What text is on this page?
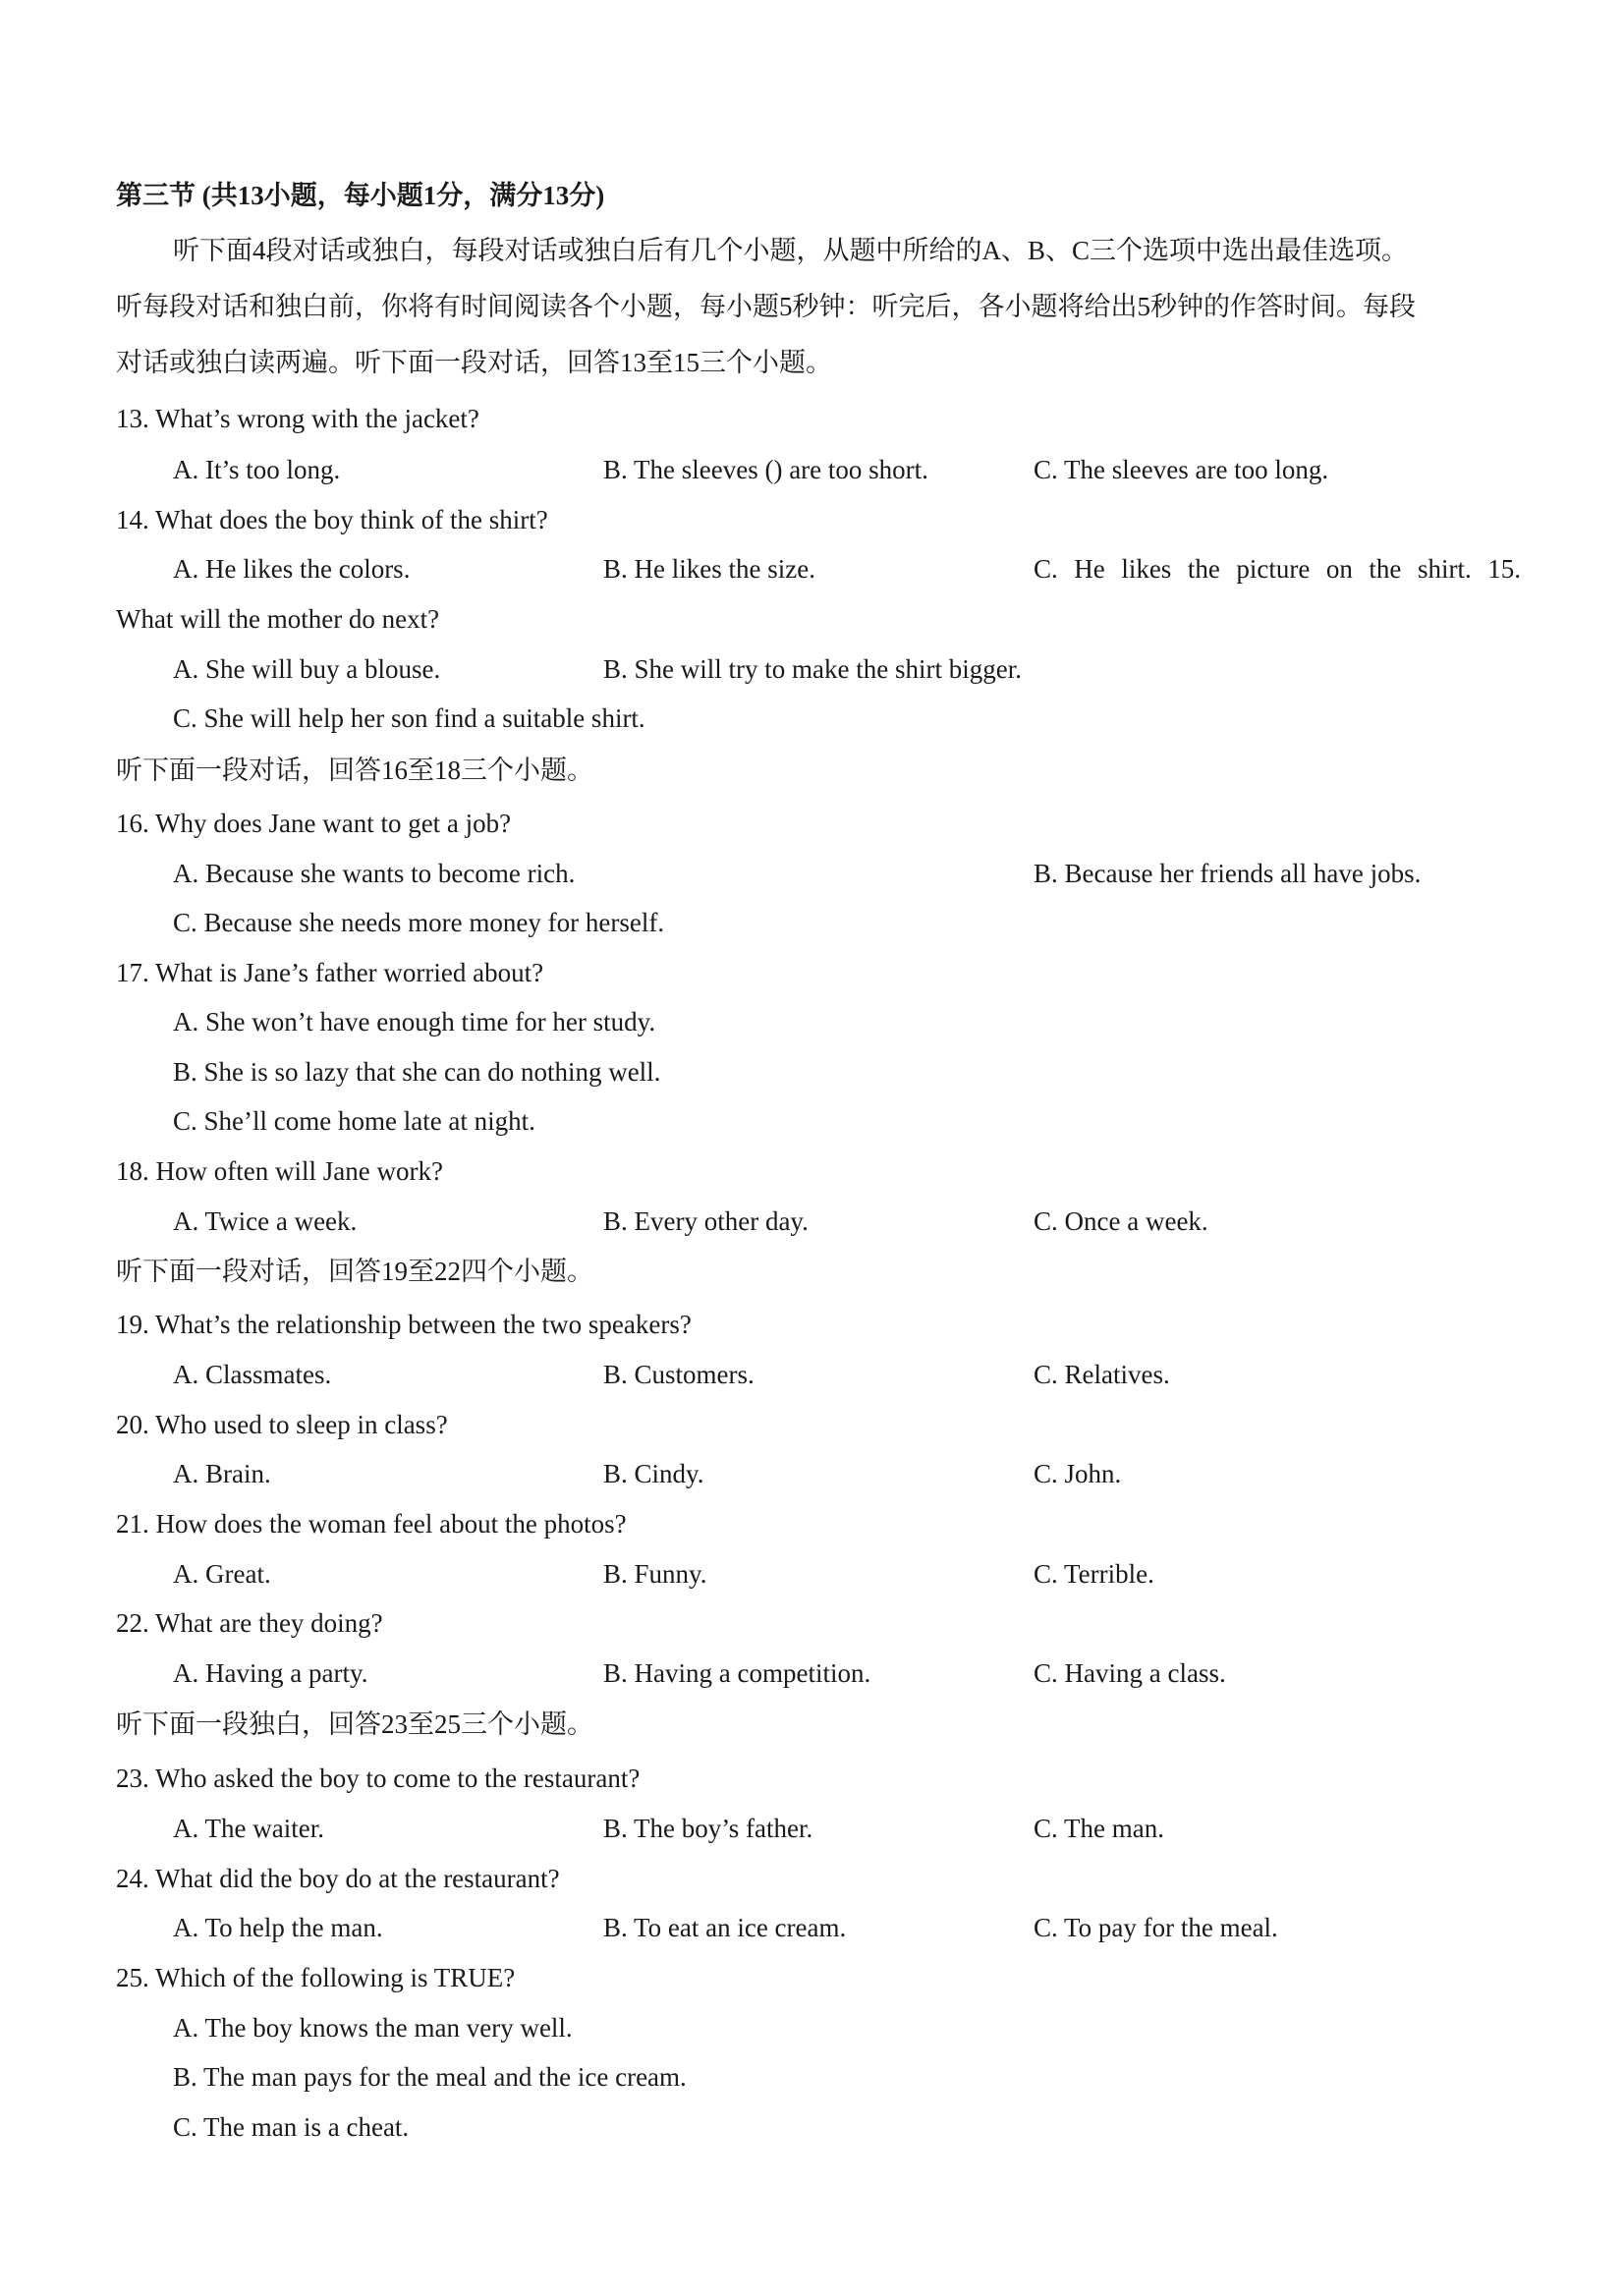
第三节 (共13小题，每小题1分，满分13分)
听下面4段对话或独白，每段对话或独白后有几个小题，从题中所给的A、B、C三个选项中选出最佳选项。
听每段对话和独白前，你将有时间阅读各个小题，每小题5秒钟：听完后，各小题将给出5秒钟的作答时间。每段
对话或独白读两遍。听下面一段对话，回答13至15三个小题。
13. What’s wrong with the jacket?
A. It’s too long.	B. The sleeves () are too short.	C. The sleeves are too long.
14. What does the boy think of the shirt?
A. He likes the colors.	B. He likes the size.	C. He likes the picture on the shirt. 15.
What will the mother do next?
A. She will buy a blouse.	B. She will try to make the shirt bigger.
C. She will help her son find a suitable shirt.
听下面一段对话，回答16至18三个小题。
16. Why does Jane want to get a job?
A. Because she wants to become rich.	B. Because her friends all have jobs.
C. Because she needs more money for herself.
17. What is Jane’s father worried about?
A. She won’t have enough time for her study.
B. She is so lazy that she can do nothing well.
C. She’ll come home late at night.
18. How often will Jane work?
A. Twice a week.	B. Every other day.	C. Once a week.
听下面一段对话，回答19至22四个小题。
19. What’s the relationship between the two speakers?
A. Classmates.	B. Customers.	C. Relatives.
20. Who used to sleep in class?
A. Brain.	B. Cindy.	C. John.
21. How does the woman feel about the photos?
A. Great.	B. Funny.	C. Terrible.
22. What are they doing?
A. Having a party.	B. Having a competition.	C. Having a class.
听下面一段独白，回答23至25三个小题。
23. Who asked the boy to come to the restaurant?
A. The waiter.	B. The boy’s father.	C. The man.
24. What did the boy do at the restaurant?
A. To help the man.	B. To eat an ice cream.	C. To pay for the meal.
25. Which of the following is TRUE?
A. The boy knows the man very well.
B. The man pays for the meal and the ice cream.
C. The man is a cheat.
